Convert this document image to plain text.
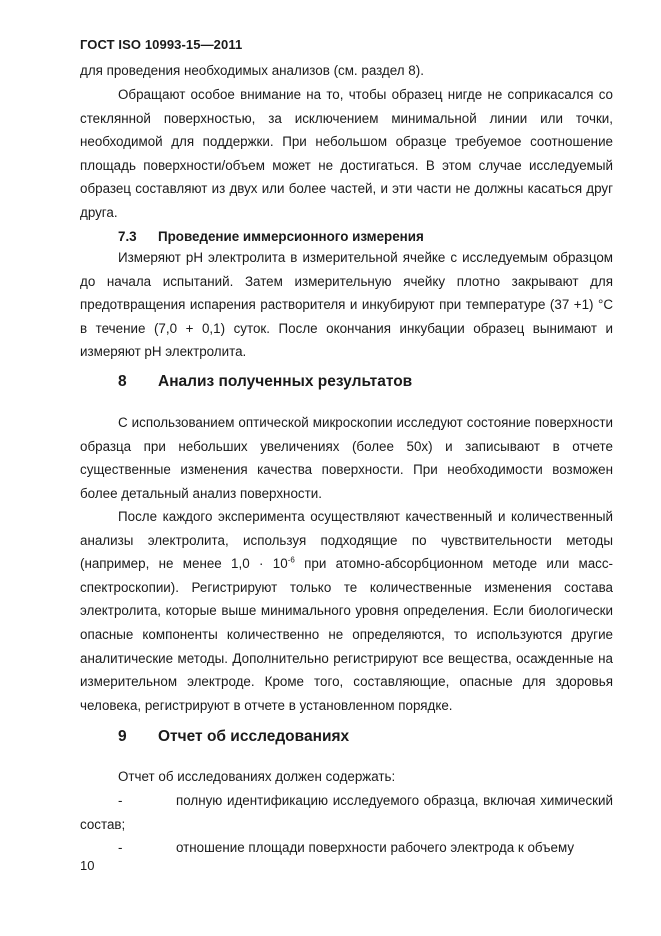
ГОСТ ISO 10993-15—2011
для проведения необходимых анализов (см. раздел 8).
Обращают особое внимание на то, чтобы образец нигде не соприкасался со стеклянной поверхностью, за исключением минимальной линии или точки, необходимой для поддержки. При небольшом образце требуемое соотношение площадь поверхности/объем может не достигаться. В этом случае исследуемый образец составляют из двух или более частей, и эти части не должны касаться друг друга.
7.3 Проведение иммерсионного измерения
Измеряют pH электролита в измерительной ячейке с исследуемым образцом до начала испытаний. Затем измерительную ячейку плотно закрывают для предотвращения испарения растворителя и инкубируют при температуре (37 +1) °С в течение (7,0 + 0,1) суток. После окончания инкубации образец вынимают и измеряют pH электролита.
8 Анализ полученных результатов
С использованием оптической микроскопии исследуют состояние поверхности образца при небольших увеличениях (более 50х) и записывают в отчете существенные изменения качества поверхности. При необходимости возможен более детальный анализ поверхности.
После каждого эксперимента осуществляют качественный и количественный анализы электролита, используя подходящие по чувствительности методы (например, не менее $1,0 \cdot 10^{-6}$ при атомно-абсорбционном методе или масс-спектроскопии). Регистрируют только те количественные изменения состава электролита, которые выше минимального уровня определения. Если биологически опасные компоненты количественно не определяются, то используются другие аналитические методы. Дополнительно регистрируют все вещества, осажденные на измерительном электроде. Кроме того, составляющие, опасные для здоровья человека, регистрируют в отчете в установленном порядке.
9 Отчет об исследованиях
Отчет об исследованиях должен содержать:
-	полную идентификацию исследуемого образца, включая химический состав;
-	отношение площади поверхности рабочего электрода к объему
10
